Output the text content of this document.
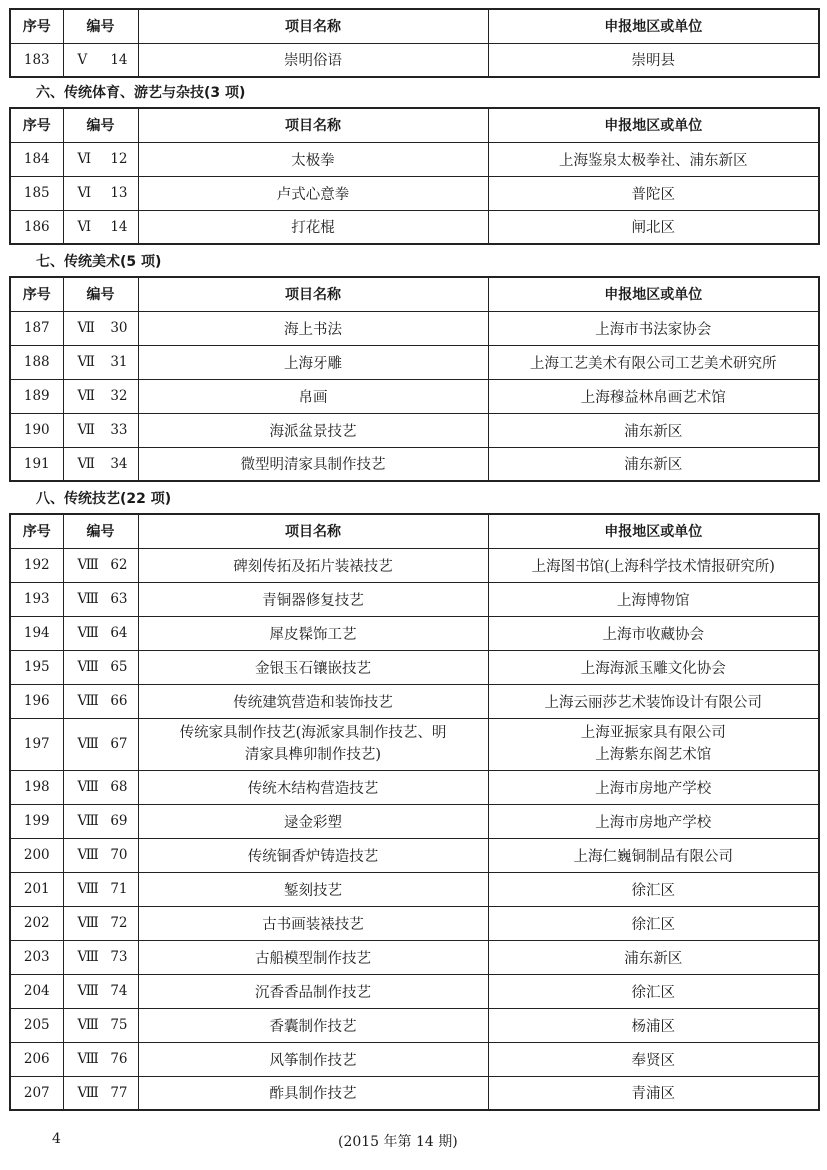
序号	编号	项目名称	申报地区或单位
183	Ⅴ 14	崇明俗语	崇明县
六、传统体育、游艺与杂技(3 项)
序号	编号	项目名称	申报地区或单位
184	Ⅵ 12	太极拳	上海鉴泉太极拳社、浦东新区
185	Ⅵ 13	卢式心意拳	普陀区
186	Ⅵ 14	打花棍	闸北区
七、传统美术(5 项)
序号	编号	项目名称	申报地区或单位
187	Ⅶ 30	海上书法	上海市书法家协会
188	Ⅶ 31	上海牙雕	上海工艺美术有限公司工艺美术研究所
189	Ⅶ 32	帛画	上海穆益林帛画艺术馆
190	Ⅶ 33	海派盆景技艺	浦东新区
191	Ⅶ 34	微型明清家具制作技艺	浦东新区
八、传统技艺(22 项)
序号	编号	项目名称	申报地区或单位
192	Ⅷ 62	碑刻传拓及拓片装裱技艺	上海图书馆(上海科学技术情报研究所)
193	Ⅷ 63	青铜器修复技艺	上海博物馆
194	Ⅷ 64	犀皮髹饰工艺	上海市收藏协会
195	Ⅷ 65	金银玉石镶嵌技艺	上海海派玉雕文化协会
196	Ⅷ 66	传统建筑营造和装饰技艺	上海云丽莎艺术装饰设计有限公司
197	Ⅷ 67	传统家具制作技艺(海派家具制作技艺、明清家具榫卯制作技艺)	上海亚振家具有限公司 上海紫东阁艺术馆

198	Ⅷ 68	传统木结构营造技艺	上海市房地产学校
199	Ⅷ 69	逯金彩塑	上海市房地产学校
200	Ⅷ 70	传统铜香炉铸造技艺	上海仁巍铜制品有限公司
201	Ⅷ 71	錾刻技艺	徐汇区
202	Ⅷ 72	古书画装裱技艺	徐汇区
203	Ⅷ 73	古船模型制作技艺	浦东新区
204	Ⅷ 74	沉香香品制作技艺	徐汇区
205	Ⅷ 75	香囊制作技艺	杨浦区
206	Ⅷ 76	风筝制作技艺	奉贤区
207	Ⅷ 77	酢具制作技艺	青浦区
4	(2015 年第 14 期)
